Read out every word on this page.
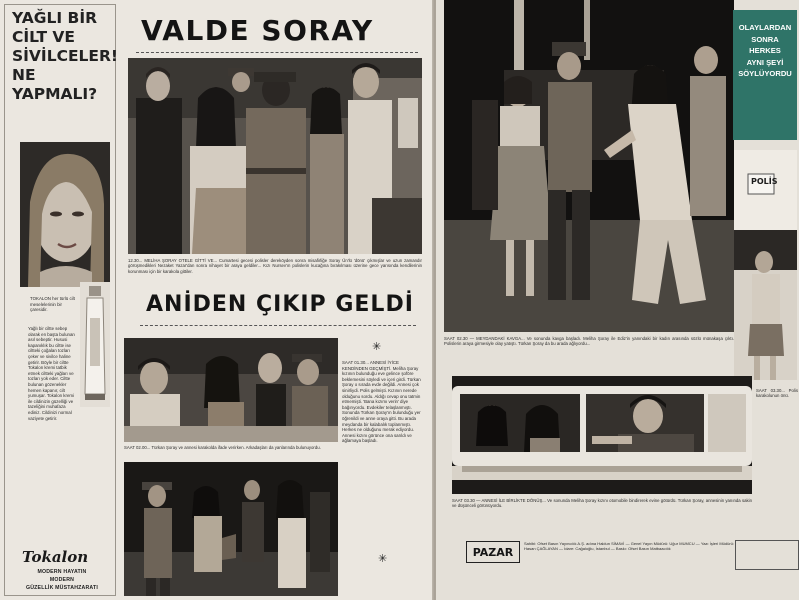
YAĞLI BİR
CİLT VE
SİVİLCELER!
NE YAPMALI?
TOKALON her türlü cilt meselelerinin bir çaresidir.
Yağlı bir ciltte sebep olarak en başta bulunan asıl sebeptir. Hususi kapanıklık bu ciltte ise ciltteki çoğalan tozları çeker ve sivilce haline getirir. Böyle bir ciltte Tokalon kremi tatbik etmek ciltteki yağları ve tozları yok eder. Ciltte bulunan gözenekler hemen kapanır, cilt yumuşar. Tokalon kremi ile cildinizin güzelliği ve tazeliğini muhafaza ediniz. Cildinizi normal vaziyete getirir.
Tokalon
MODERN HAYATIN
MODERN
GÜZELLİK MÜSTAHZARATI
VALDE SORAY
12.30... MELİHA ŞORAY OTELE GİTTİ VE... Cumartesi gecesi polisler dereköyden sonra misafirliğe Soray Ün'lü 'dönü' çıkmışlar ve uzun zamandır görüşmedikleri Nezaket Yazar'dan sonra nihayet bir araya geldiler... Kızı Nursev'ın polislerin kucağına bırakılması üzerine gece yarısında kendilerinin korunması için bir karakola gittiler.
ANİDEN ÇIKIP GELDİ
✳
SAAT 02.00... Türkan Şoray ve annesi karakolda ifade verirken. Arkadaşları da yanlarında bulunuyordu.
SAAT 01.30... ANNESİ İYİCE KENDİNDEN GEÇMİŞTİ. Meliha Şoray kızının bulunduğu eve gelince şoföre beklemesini söyledi ve içeri girdi. Türkan Şoray o sırada evde değildi. Annesi çok sinirliydi. Polis gelmişti. Kızının nerede olduğunu sordu. Aldığı cevap onu tatmin etmemişti. 'Bana kızımı verin' diye bağırıyordu. Evdekiler telaşlanmıştı. Sonunda Türkan Şoray'ın bulunduğu yer öğrenildi ve anne oraya gitti. Bu arada meydanda bir kalabalık toplanmıştı. Herkes ne olduğunu merak ediyordu. Annesi kızını görünce ona sarıldı ve ağlamaya başladı.
✳
SAAT 02.30 — MEYDANDAKİ KAVGA... Ve sonunda kavga başladı. Meliha Şoray ile Ediz'in yanındaki bir kadın arasında sözlü münakaşa çıktı. Polislerin araya girmesiyle olay yatıştı. Türkan Şoray da bu arada ağlıyordu...
OLAYLARDAN
SONRA
HERKES
AYNI ŞEYİ
SÖYLÜYORDU
POLİS
SAAT 03.30... Polis karakolunun önü.
SAAT 03.30 — ANNESİ İLE BİRLİKTE DÖNÜŞ... Ve sonunda Meliha Şoray kızını otomobile bindirerek evine götürdü. Türkan Şoray, annesinin yanında sakin ve düşünceli görünüyordu.
PAZAR
Sahibi: Ofset Basın Yayıncılık A.Ş. adına Haldun SİMAVİ — Genel Yayın Müdürü: Uğur MUMCU — Yazı İşleri Müdürü: Hasan ÇAĞLAYAN — İdare: Cağaloğlu, İstanbul — Baskı: Ofset Basın Matbaacılık
